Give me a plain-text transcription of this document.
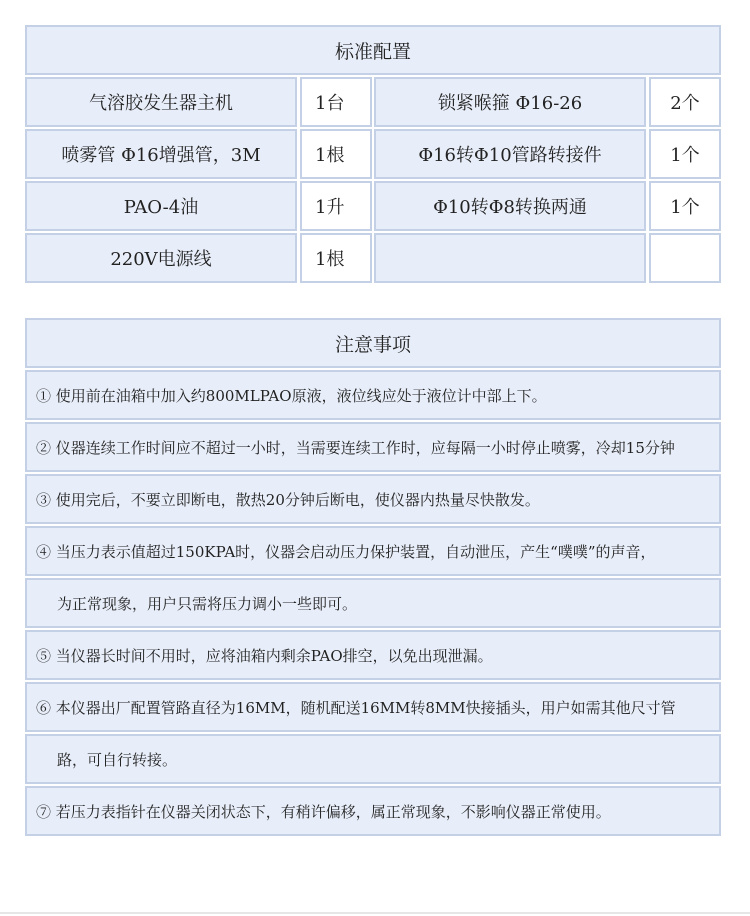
标准配置
气溶胶发生器主机	1台	锁紧喉箍 Φ16-26	2个
喷雾管 Φ16增强管，3M	1根	Φ16转Φ10管路转接件	1个
PAO-4油	1升	Φ10转Φ8转换两通	1个
220V电源线	1根
注意事项
① 使用前在油箱中加入约800MLPAO原液，液位线应处于液位计中部上下。
② 仪器连续工作时间应不超过一小时，当需要连续工作时，应每隔一小时停止喷雾，冷却15分钟
③ 使用完后，不要立即断电，散热20分钟后断电，使仪器内热量尽快散发。
④ 当压力表示值超过150KPA时，仪器会启动压力保护装置，自动泄压，产生“噗噗”的声音，
为正常现象，用户只需将压力调小一些即可。
⑤ 当仪器长时间不用时，应将油箱内剩余PAO排空，以免出现泄漏。
⑥ 本仪器出厂配置管路直径为16MM，随机配送16MM转8MM快接插头，用户如需其他尺寸管
路，可自行转接。
⑦ 若压力表指针在仪器关闭状态下，有稍许偏移，属正常现象，不影响仪器正常使用。
